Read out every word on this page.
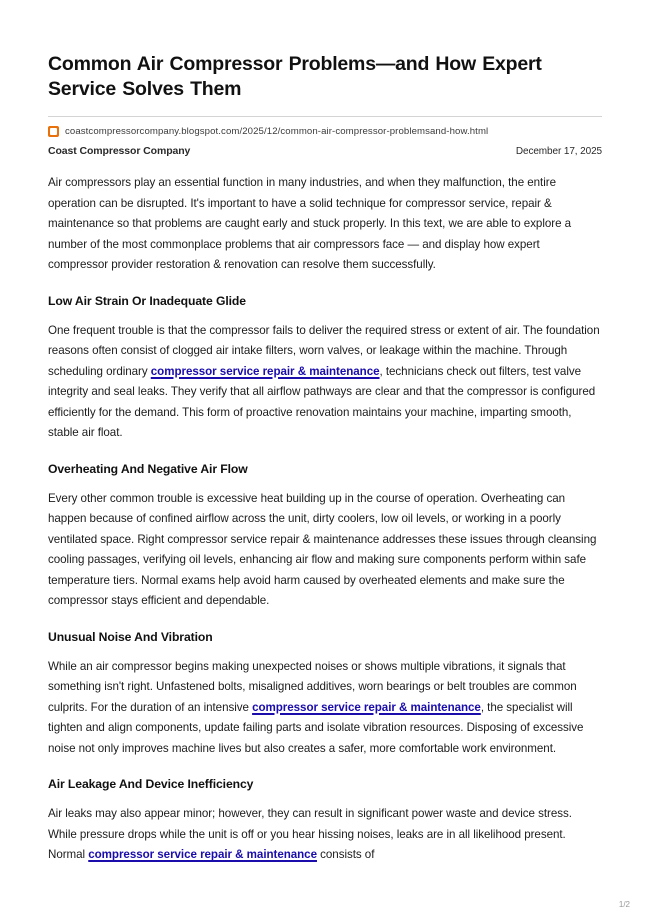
Common Air Compressor Problems—and How Expert Service Solves Them
coastcompressorcompany.blogspot.com/2025/12/common-air-compressor-problemsand-how.html
Coast Compressor Company	December 17, 2025

Air compressors play an essential function in many industries, and when they malfunction, the entire operation can be disrupted. It's important to have a solid technique for compressor service, repair & maintenance so that problems are caught early and stuck properly. In this text, we are able to explore a number of the most commonplace problems that air compressors face — and display how expert compressor provider restoration & renovation can resolve them successfully.

Low Air Strain Or Inadequate Glide

One frequent trouble is that the compressor fails to deliver the required stress or extent of air. The foundation reasons often consist of clogged air intake filters, worn valves, or leakage within the machine. Through scheduling ordinary compressor service repair & maintenance, technicians check out filters, test valve integrity and seal leaks. They verify that all airflow pathways are clear and that the compressor is configured efficiently for the demand. This form of proactive renovation maintains your machine, imparting smooth, stable air float.

Overheating And Negative Air Flow

Every other common trouble is excessive heat building up in the course of operation. Overheating can happen because of confined airflow across the unit, dirty coolers, low oil levels, or working in a poorly ventilated space. Right compressor service repair & maintenance addresses these issues through cleansing cooling passages, verifying oil levels, enhancing air flow and making sure components perform within safe temperature tiers. Normal exams help avoid harm caused by overheated elements and make sure the compressor stays efficient and dependable.

Unusual Noise And Vibration

While an air compressor begins making unexpected noises or shows multiple vibrations, it signals that something isn't right. Unfastened bolts, misaligned additives, worn bearings or belt troubles are common culprits. For the duration of an intensive compressor service repair & maintenance, the specialist will tighten and align components, update failing parts and isolate vibration resources. Disposing of excessive noise not only improves machine lives but also creates a safer, more comfortable work environment.

Air Leakage And Device Inefficiency

Air leaks may also appear minor; however, they can result in significant power waste and device stress. While pressure drops while the unit is off or you hear hissing noises, leaks are in all likelihood present. Normal compressor service repair & maintenance consists of

1/2
